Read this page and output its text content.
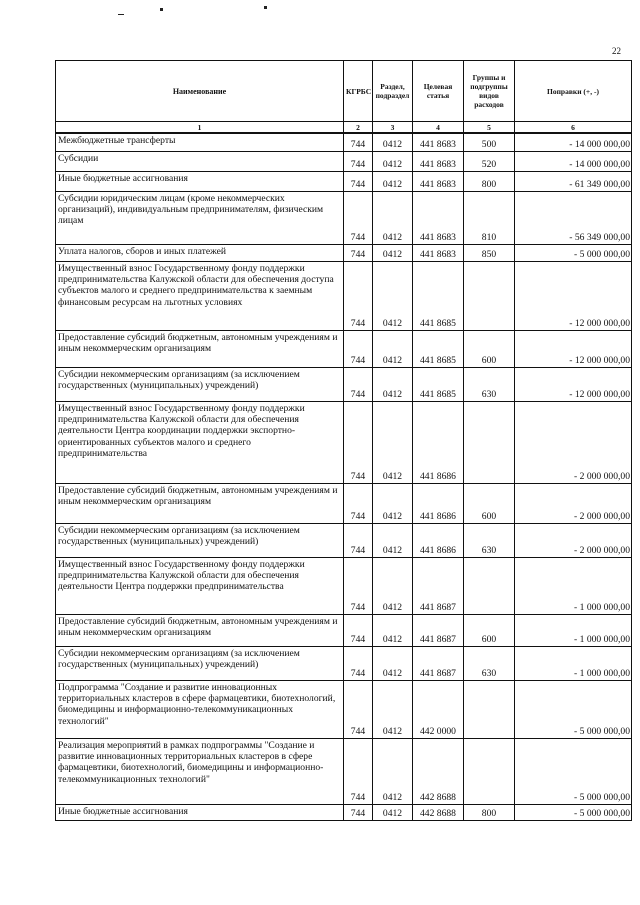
22
Наименование	КГРБС	Раздел, подраздел	Целевая статья	Группы и подгруппы видов расходов	Поправки (+, -)
1	2	3	4	5	6
Межбюджетные трансферты	744	0412	441 8683	500	- 14 000 000,00
Субсидии	744	0412	441 8683	520	- 14 000 000,00
Иные бюджетные ассигнования	744	0412	441 8683	800	- 61 349 000,00
Субсидии юридическим лицам (кроме некоммерческих организаций), индивидуальным предпринимателям, физическим лицам	744	0412	441 8683	810	- 56 349 000,00
Уплата налогов, сборов и иных платежей	744	0412	441 8683	850	- 5 000 000,00
Имущественный взнос Государственному фонду поддержки предпринимательства Калужской области для обеспечения доступа субъектов малого и среднего предпринимательства к заемным финансовым ресурсам на льготных условиях	744	0412	441 8685		- 12 000 000,00
Предоставление субсидий бюджетным, автономным учреждениям и иным некоммерческим организациям	744	0412	441 8685	600	- 12 000 000,00
Субсидии некоммерческим организациям (за исключением государственных (муниципальных) учреждений)	744	0412	441 8685	630	- 12 000 000,00
Имущественный взнос Государственному фонду поддержки предпринимательства Калужской области для обеспечения деятельности Центра координации поддержки экспортно-ориентированных субъектов малого и среднего предпринимательства	744	0412	441 8686		- 2 000 000,00
Предоставление субсидий бюджетным, автономным учреждениям и иным некоммерческим организациям	744	0412	441 8686	600	- 2 000 000,00
Субсидии некоммерческим организациям (за исключением государственных (муниципальных) учреждений)	744	0412	441 8686	630	- 2 000 000,00
Имущественный взнос Государственному фонду поддержки предпринимательства Калужской области для обеспечения деятельности Центра поддержки предпринимательства	744	0412	441 8687		- 1 000 000,00
Предоставление субсидий бюджетным, автономным учреждениям и иным некоммерческим организациям	744	0412	441 8687	600	- 1 000 000,00
Субсидии некоммерческим организациям (за исключением государственных (муниципальных) учреждений)	744	0412	441 8687	630	- 1 000 000,00
Подпрограмма "Создание и развитие инновационных территориальных кластеров в сфере фармацевтики, биотехнологий, биомедицины и информационно-телекоммуникационных технологий"	744	0412	442 0000		- 5 000 000,00
Реализация мероприятий в рамках подпрограммы "Создание и развитие инновационных территориальных кластеров в сфере фармацевтики, биотехнологий, биомедицины и информационно-телекоммуникационных технологий"	744	0412	442 8688		- 5 000 000,00
Иные бюджетные ассигнования	744	0412	442 8688	800	- 5 000 000,00
